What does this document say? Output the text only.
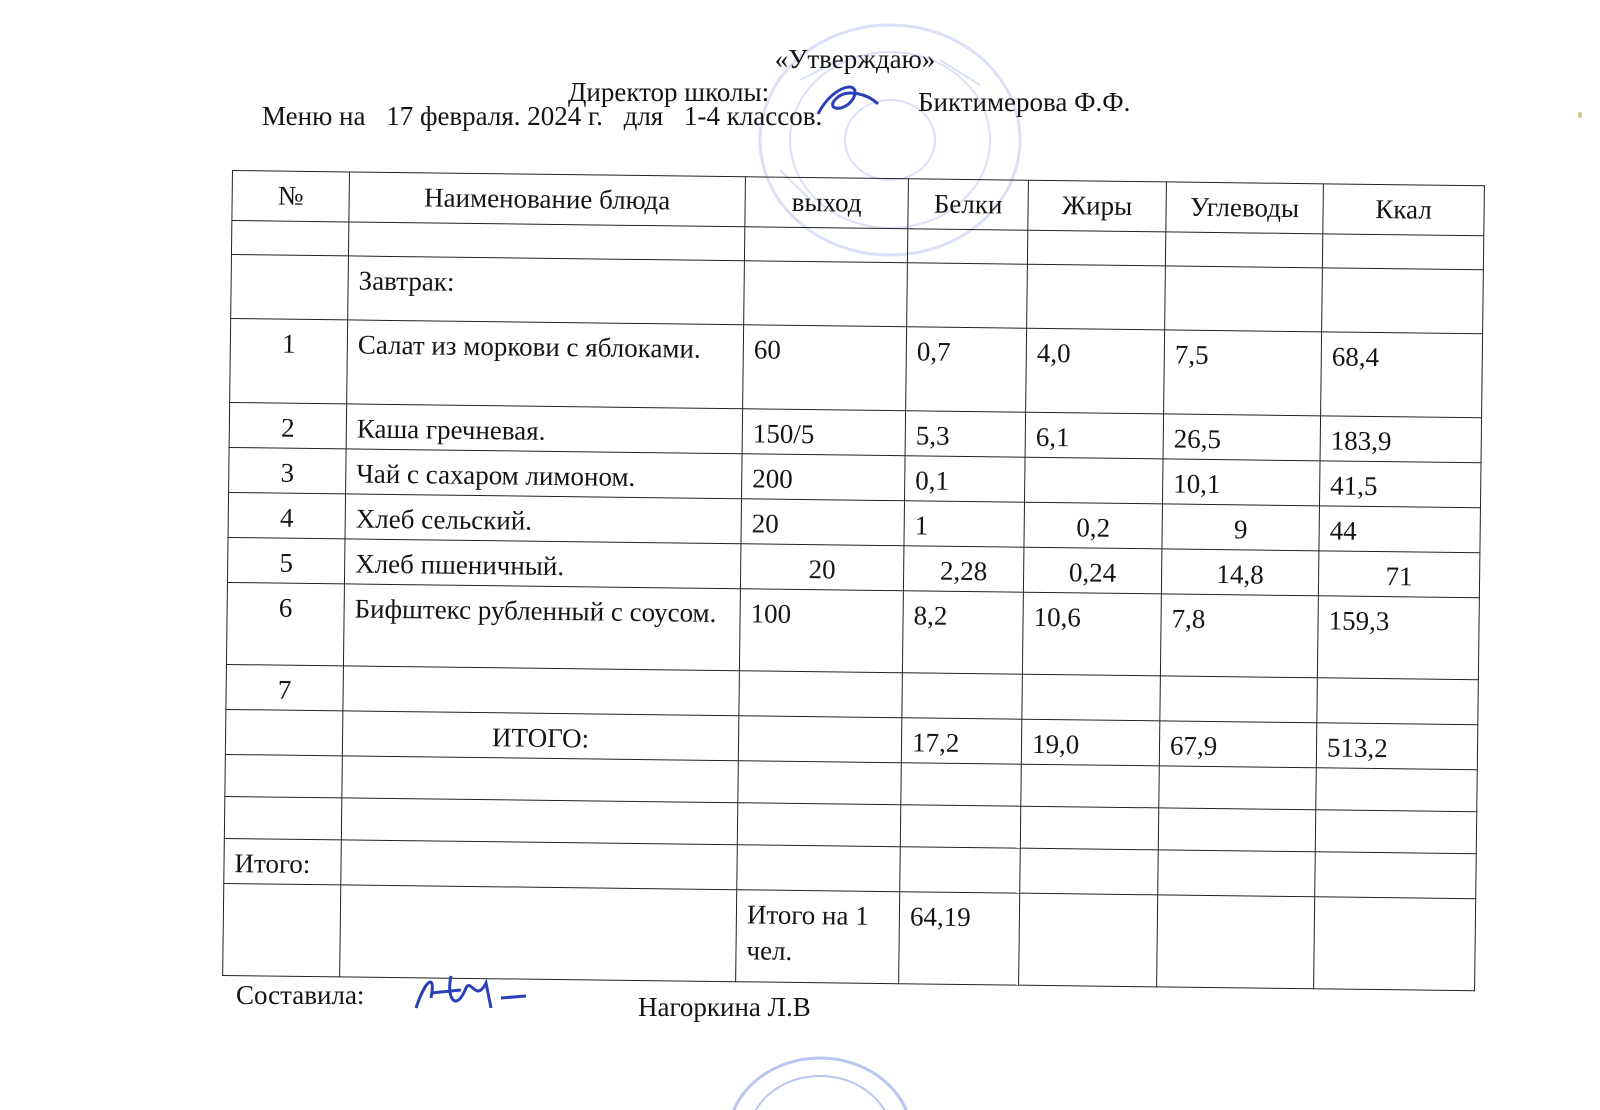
«Утверждаю»
Директор школы:	Биктимерова Ф.Ф.
Меню на 17 февраля. 2024 г. для 1-4 классов.
№	Наименование блюда	выход	Белки	Жиры	Углеводы	Ккал

	Завтрак:					
1	Салат из моркови с яблоками.	60	0,7	4,0	7,5	68,4
2	Каша гречневая.	150/5	5,3	6,1	26,5	183,9
3	Чай с сахаром лимоном.	200	0,1		10,1	41,5
4	Хлеб сельский.	20	1	0,2	9	44
5	Хлеб пшеничный.	20	2,28	0,24	14,8	71
6	Бифштекс рубленный с соусом.	100	8,2	10,6	7,8	159,3
7						
	ИТОГО:		17,2	19,0	67,9	513,2

Итого:						
		Итого на 1 чел.	64,19			
Составила:	Нагоркина Л.В
